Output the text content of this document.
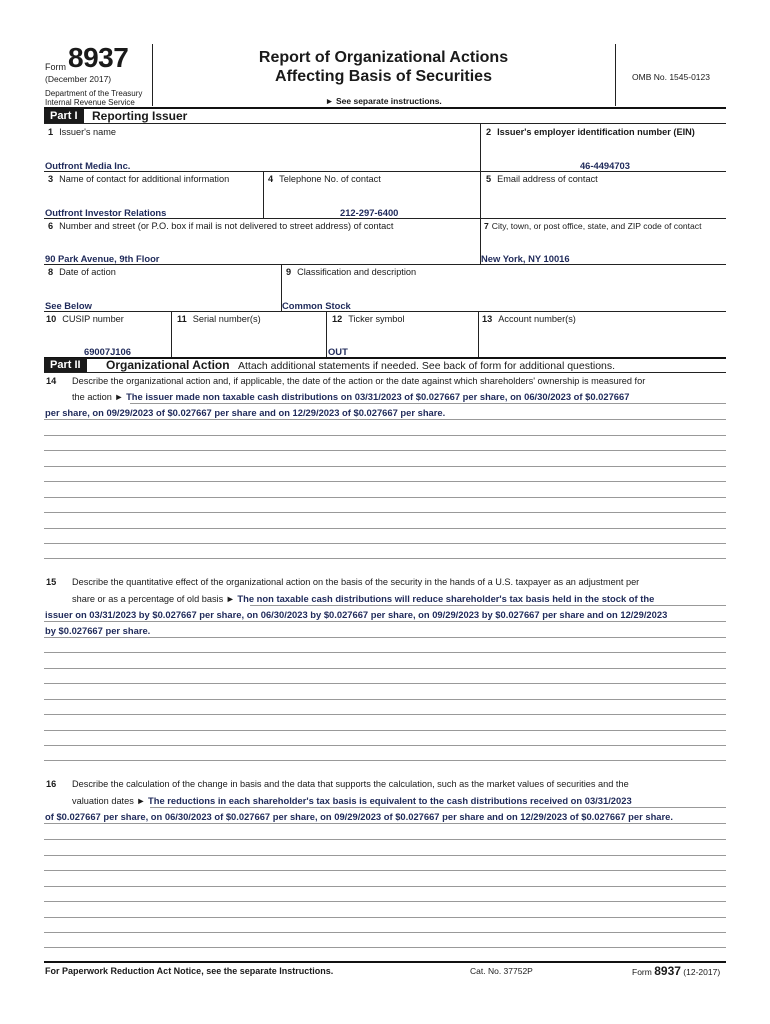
Form 8937
(December 2017)
Department of the Treasury
Internal Revenue Service
Report of Organizational Actions
Affecting Basis of Securities
► See separate instructions.
OMB No. 1545-0123
Part I	Reporting Issuer
1 Issuer's name
Outfront Media Inc.
2 Issuer's employer identification number (EIN)
46-4494703
3 Name of contact for additional information
Outfront Investor Relations
4 Telephone No. of contact
212-297-6400
5 Email address of contact
6 Number and street (or P.O. box if mail is not delivered to street address) of contact
90 Park Avenue, 9th Floor
7 City, town, or post office, state, and ZIP code of contact
New York, NY 10016
8 Date of action
See Below
9 Classification and description
Common Stock
10 CUSIP number
69007J106
11 Serial number(s)	12 Ticker symbol
OUT
13 Account number(s)
Part II	Organizational Action Attach additional statements if needed. See back of form for additional questions.
14 Describe the organizational action and, if applicable, the date of the action or the date against which shareholders' ownership is measured for
the action ► The issuer made non taxable cash distributions on 03/31/2023 of $0.027667 per share, on 06/30/2023 of $0.027667
per share, on 09/29/2023 of $0.027667 per share and on 12/29/2023 of $0.027667 per share.
15 Describe the quantitative effect of the organizational action on the basis of the security in the hands of a U.S. taxpayer as an adjustment per
share or as a percentage of old basis ► The non taxable cash distributions will reduce shareholder's tax basis held in the stock of the
issuer on 03/31/2023 by $0.027667 per share, on 06/30/2023 by $0.027667 per share, on 09/29/2023 by $0.027667 per share and on 12/29/2023
by $0.027667 per share.
16 Describe the calculation of the change in basis and the data that supports the calculation, such as the market values of securities and the
valuation dates ► The reductions in each shareholder's tax basis is equivalent to the cash distributions received on 03/31/2023
of $0.027667 per share, on 06/30/2023 of $0.027667 per share, on 09/29/2023 of $0.027667 per share and on 12/29/2023 of $0.027667 per share.
For Paperwork Reduction Act Notice, see the separate Instructions.	Cat. No. 37752P	Form 8937 (12-2017)
